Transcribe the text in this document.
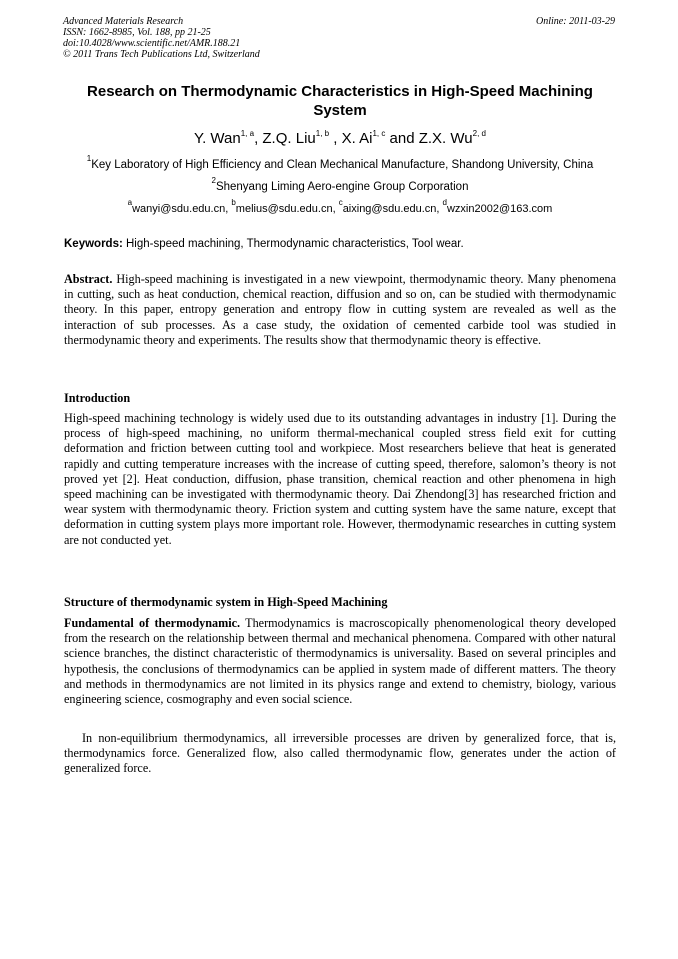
Advanced Materials Research
ISSN: 1662-8985, Vol. 188, pp 21-25
doi:10.4028/www.scientific.net/AMR.188.21
© 2011 Trans Tech Publications Ltd, Switzerland
Online: 2011-03-29
Research on Thermodynamic Characteristics in High-Speed Machining System
Y. Wan$^{1, a}$, Z.Q. Liu$^{1, b}$ , X. Ai$^{1, c}$ and Z.X. Wu$^{2, d}$
$^1$Key Laboratory of High Efficiency and Clean Mechanical Manufacture, Shandong University, China
$^2$Shenyang Liming Aero-engine Group Corporation
$^a$wanyi@sdu.edu.cn, $^b$melius@sdu.edu.cn, $^c$aixing@sdu.edu.cn, $^d$wzxin2002@163.com
Keywords: High-speed machining, Thermodynamic characteristics, Tool wear.

Abstract. High-speed machining is investigated in a new viewpoint, thermodynamic theory. Many phenomena in cutting, such as heat conduction, chemical reaction, diffusion and so on, can be studied with thermodynamic theory. In this paper, entropy generation and entropy flow in cutting system are revealed as well as the interaction of sub processes. As a case study, the oxidation of cemented carbide tool was studied in thermodynamic theory and experiments. The results show that thermodynamic theory is effective.

Introduction

High-speed machining technology is widely used due to its outstanding advantages in industry [1]. During the process of high-speed machining, no uniform thermal-mechanical coupled stress field exit for cutting deformation and friction between cutting tool and workpiece. Most researchers believe that heat is generated rapidly and cutting temperature increases with the increase of cutting speed, therefore, salomon’s theory is not proved yet [2]. Heat conduction, diffusion, phase transition, chemical reaction and other phenomena in high speed machining can be investigated with thermodynamic theory. Dai Zhendong[3] has researched friction and wear system with thermodynamic theory. Friction system and cutting system have the same nature, except that deformation in cutting system plays more important role. However, thermodynamic researches in cutting system are not conducted yet.

Structure of thermodynamic system in High-Speed Machining

Fundamental of thermodynamic. Thermodynamics is macroscopically phenomenological theory developed from the research on the relationship between thermal and mechanical phenomena. Compared with other natural science branches, the distinct characteristic of thermodynamics is universality. Based on several principles and hypothesis, the conclusions of thermodynamics can be applied in system made of different matters. The theory and methods in thermodynamics are not limited in its physics range and extend to chemistry, biology, various engineering science, cosmography and even social science.

In non-equilibrium thermodynamics, all irreversible processes are driven by generalized force, that is, thermodynamics force. Generalized flow, also called thermodynamic flow, generates under the action of generalized force.
